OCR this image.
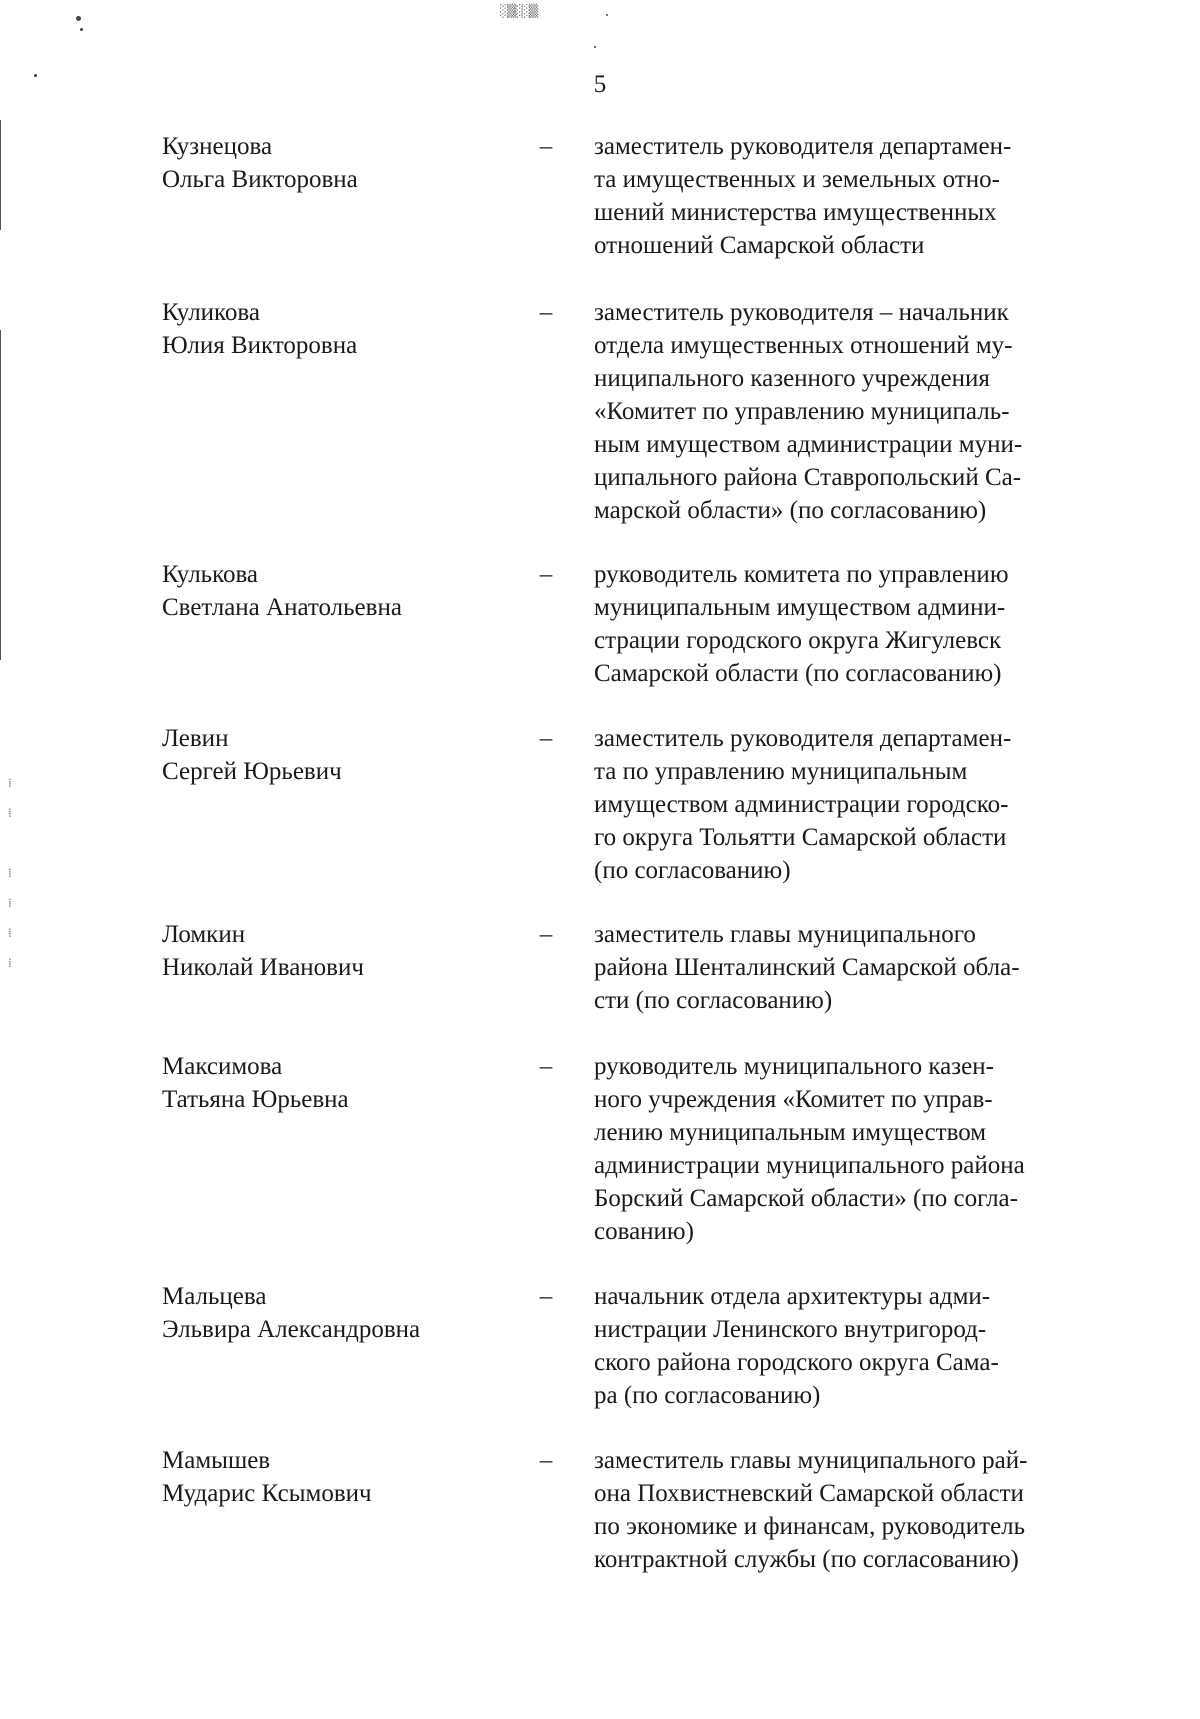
░▒░░▒
⁞
⁞

⁞
⁞
⁞
⁞
5
Кузнецова
Ольга Викторовна
– заместитель руководителя департамен-
та имущественных и земельных отно-
шений министерства имущественных
отношений Самарской области
Куликова
Юлия Викторовна
– заместитель руководителя – начальник
отдела имущественных отношений му-
ниципального казенного учреждения
«Комитет по управлению муниципаль-
ным имуществом администрации муни-
ципального района Ставропольский Са-
марской области» (по согласованию)
Кулькова
Светлана Анатольевна
– руководитель комитета по управлению
муниципальным имуществом админи-
страции городского округа Жигулевск
Самарской области (по согласованию)
Левин
Сергей Юрьевич
– заместитель руководителя департамен-
та по управлению муниципальным
имуществом администрации городско-
го округа Тольятти Самарской области
(по согласованию)
Ломкин
Николай Иванович
– заместитель главы муниципального
района Шенталинский Самарской обла-
сти (по согласованию)
Максимова
Татьяна Юрьевна
– руководитель муниципального казен-
ного учреждения «Комитет по управ-
лению муниципальным имуществом
администрации муниципального района
Борский Самарской области» (по согла-
сованию)
Мальцева
Эльвира Александровна
– начальник отдела архитектуры адми-
нистрации Ленинского внутригород-
ского района городского округа Сама-
ра (по согласованию)
Мамышев
Мударис Ксымович
– заместитель главы муниципального рай-
она Похвистневский Самарской области
по экономике и финансам, руководитель
контрактной службы (по согласованию)
